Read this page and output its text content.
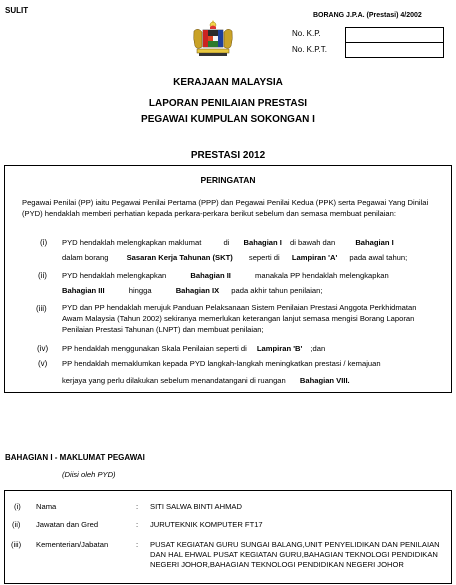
SULIT
BORANG J.P.A. (Prestasi) 4/2002
No. K.P.
No. K.P.T.
KERAJAAN MALAYSIA
LAPORAN PENILAIAN PRESTASI
PEGAWAI KUMPULAN SOKONGAN I
PRESTASI 2012
PERINGATAN
Pegawai Penilai (PP) iaitu Pegawai Penilai Pertama (PPP) dan Pegawai Penilai Kedua (PPK) serta Pegawai Yang Dinilai (PYD) hendaklah memberi perhatian kepada perkara-perkara berikut sebelum dan semasa membuat penilaian:
(i) PYD hendaklah melengkapkan maklumat	di Bahagian I di bawah dan	Bahagian I
dalam borang Sasaran Kerja Tahunan (SKT) seperti di Lampiran 'A' pada awal tahun;
(ii) PYD hendaklah melengkapkan	Bahagian II	manakala PP hendaklah melengkapkan
Bahagian III	hingga	Bahagian IX pada akhir tahun penilaian;
(iii) PYD dan PP hendaklah merujuk Panduan Pelaksanaan Sistem Penilaian Prestasi Anggota Perkhidmatan Awam Malaysia (Tahun 2002) sekiranya memerlukan keterangan lanjut semasa mengisi Borang Laporan Penilaian Prestasi Tahunan (LNPT) dan membuat penilaian;
(iv) PP hendaklah menggunakan Skala Penilaian seperti di Lampiran 'B' ;dan
(v) PP hendaklah memaklumkan kepada PYD langkah-langkah meningkatkan prestasi / kemajuan
kerjaya yang perlu dilakukan sebelum menandatangani di ruangan Bahagian VIII.
BAHAGIAN I - MAKLUMAT PEGAWAI
(Diisi oleh PYD)
(i) Nama	: SITI SALWA BINTI AHMAD
(ii) Jawatan dan Gred	: JURUTEKNIK KOMPUTER FT17
(iii) Kementerian/Jabatan	: PUSAT KEGIATAN GURU SUNGAI BALANG,UNIT PENYELIDIKAN DAN PENILAIAN DAN HAL EHWAL PUSAT KEGIATAN GURU,BAHAGIAN TEKNOLOGI PENDIDIKAN NEGERI JOHOR,BAHAGIAN TEKNOLOGI PENDIDIKAN NEGERI JOHOR
